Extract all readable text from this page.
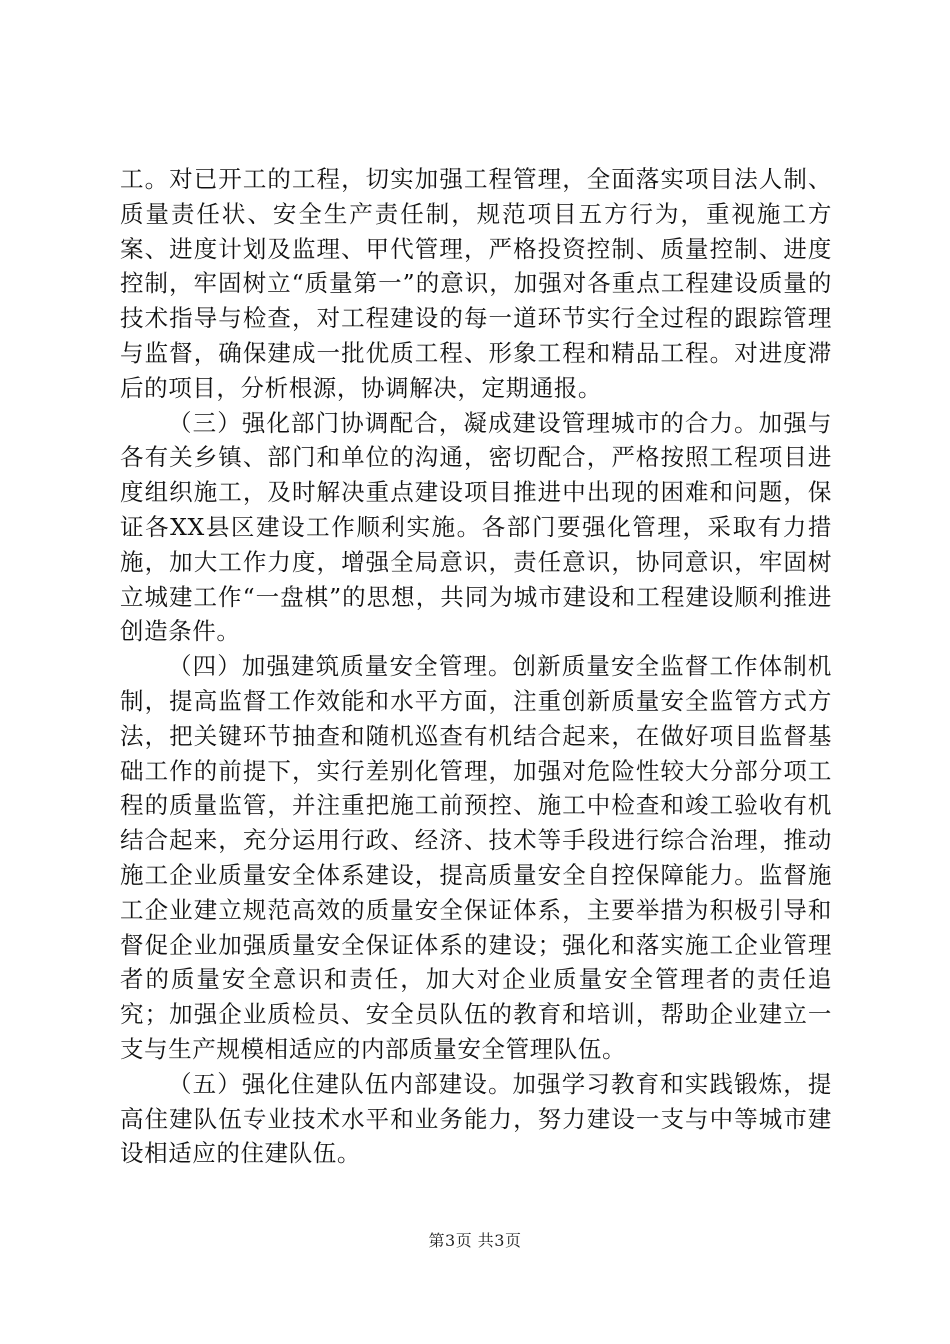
工。对已开工的工程，切实加强工程管理，全面落实项目法人制、质量责任状、安全生产责任制，规范项目五方行为，重视施工方案、进度计划及监理、甲代管理，严格投资控制、质量控制、进度控制，牢固树立“质量第一”的意识，加强对各重点工程建设质量的技术指导与检查，对工程建设的每一道环节实行全过程的跟踪管理与监督，确保建成一批优质工程、形象工程和精品工程。对进度滞后的项目，分析根源，协调解决，定期通报。

（三）强化部门协调配合，凝成建设管理城市的合力。加强与各有关乡镇、部门和单位的沟通，密切配合，严格按照工程项目进度组织施工，及时解决重点建设项目推进中出现的困难和问题，保证各XX县区建设工作顺利实施。各部门要强化管理，采取有力措施，加大工作力度，增强全局意识，责任意识，协同意识，牢固树立城建工作“一盘棋”的思想，共同为城市建设和工程建设顺利推进创造条件。

（四）加强建筑质量安全管理。创新质量安全监督工作体制机制，提高监督工作效能和水平方面，注重创新质量安全监管方式方法，把关键环节抽查和随机巡查有机结合起来，在做好项目监督基础工作的前提下，实行差别化管理，加强对危险性较大分部分项工程的质量监管，并注重把施工前预控、施工中检查和竣工验收有机结合起来，充分运用行政、经济、技术等手段进行综合治理，推动施工企业质量安全体系建设，提高质量安全自控保障能力。监督施工企业建立规范高效的质量安全保证体系，主要举措为积极引导和督促企业加强质量安全保证体系的建设；强化和落实施工企业管理者的质量安全意识和责任，加大对企业质量安全管理者的责任追究；加强企业质检员、安全员队伍的教育和培训，帮助企业建立一支与生产规模相适应的内部质量安全管理队伍。

（五）强化住建队伍内部建设。加强学习教育和实践锻炼，提高住建队伍专业技术水平和业务能力，努力建设一支与中等城市建设相适应的住建队伍。

第3页 共3页
